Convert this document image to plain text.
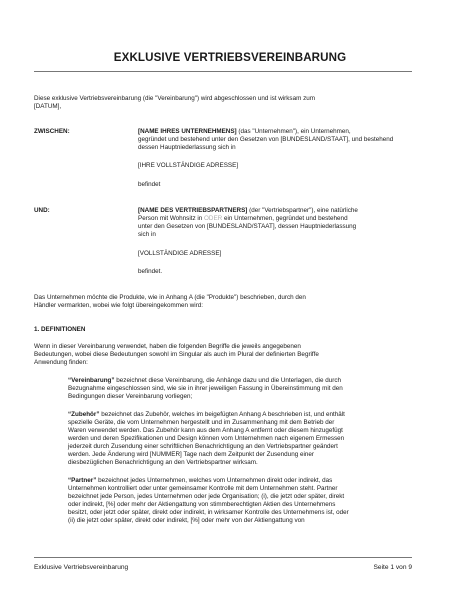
EXKLUSIVE VERTRIEBSVEREINBARUNG
Diese exklusive Vertriebsvereinbarung (die "Vereinbarung") wird abgeschlossen und ist wirksam zum
[DATUM],
ZWISCHEN:	[NAME IHRES UNTERNEHMENS] (das "Unternehmen"), ein Unternehmen,
gegründet und bestehend unter den Gesetzen von [BUNDESLAND/STAAT], und bestehend
dessen Hauptniederlassung sich in
[IHRE VOLLSTÄNDIGE ADRESSE]
befindet
UND:	[NAME DES VERTRIEBSPARTNERS] (der "Vertriebspartner"), eine natürliche
Person mit Wohnsitz in ODER ein Unternehmen, gegründet und bestehend
unter den Gesetzen von [BUNDESLAND/STAAT], dessen Hauptniederlassung
sich in
[VOLLSTÄNDIGE ADRESSE]
befindet.
Das Unternehmen möchte die Produkte, wie in Anhang A (die "Produkte") beschrieben, durch den
Händler vermarkten, wobei wie folgt übereingekommen wird:
1. DEFINITIONEN
Wenn in dieser Vereinbarung verwendet, haben die folgenden Begriffe die jeweils angegebenen
Bedeutungen, wobei diese Bedeutungen sowohl im Singular als auch im Plural der definierten Begriffe
Anwendung finden:
“Vereinbarung” bezeichnet diese Vereinbarung, die Anhänge dazu und die Unterlagen, die durch
Bezugnahme eingeschlossen sind, wie sie in ihrer jeweiligen Fassung in Übereinstimmung mit den
Bedingungen dieser Vereinbarung vorliegen;
“Zubehör” bezeichnet das Zubehör, welches im beigefügten Anhang A beschrieben ist, und enthält
spezielle Geräte, die vom Unternehmen hergestellt und im Zusammenhang mit dem Betrieb der
Waren verwendet werden. Das Zubehör kann aus dem Anhang A entfernt oder diesem hinzugefügt
werden und deren Spezifikationen und Design können vom Unternehmen nach eigenem Ermessen
jederzeit durch Zusendung einer schriftlichen Benachrichtigung an den Vertriebspartner geändert
werden. Jede Änderung wird [NUMMER] Tage nach dem Zeitpunkt der Zusendung einer
diesbezüglichen Benachrichtigung an den Vertriebspartner wirksam.
“Partner” bezeichnet jedes Unternehmen, welches vom Unternehmen direkt oder indirekt, das
Unternehmen kontrolliert oder unter gemeinsamer Kontrolle mit dem Unternehmen steht. Partner
bezeichnet jede Person, jedes Unternehmen oder jede Organisation; (i), die jetzt oder später, direkt
oder indirekt, [%] oder mehr der Aktiengattung von stimmberechtigten Aktien des Unternehmens
besitzt, oder jetzt oder später, direkt oder indirekt, in wirksamer Kontrolle des Unternehmens ist, oder
(ii) die jetzt oder später, direkt oder indirekt, [%] oder mehr von der Aktiengattung von
Exklusive Vertriebsvereinbarung	Seite 1 von 9
